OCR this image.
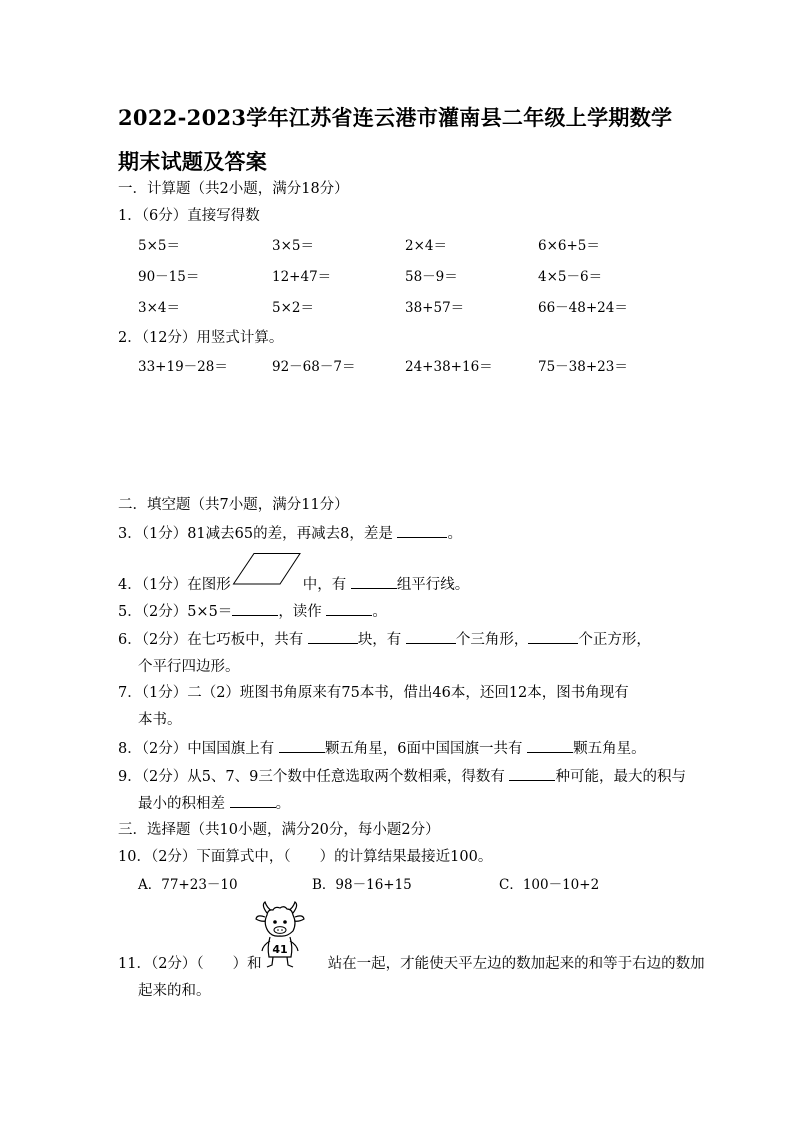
2022-2023学年江苏省连云港市灌南县二年级上学期数学期末试题及答案
一．计算题（共2小题，满分18分）
1．（6分）直接写得数
5×5＝	3×5＝	2×4＝	6×6+5＝
90－15＝	12+47＝	58－9＝	4×5－6＝
3×4＝	5×2＝	38+57＝	66－48+24＝
2．（12分）用竖式计算。
33+19－28＝	92－68－7＝	24+38+16＝	75－38+23＝
二．填空题（共7小题，满分11分）
3．（1分）81减去65的差，再减去8，差是	。
4．（1分）在图形	中，有	组平行线。
5．（2分）5×5＝	，读作	。
6．（2分）在七巧板中，共有	块，有	个三角形，	个正方形，
个平行四边形。
7．（1分）二（2）班图书角原来有75本书，借出46本，还回12本，图书角现有
本书。
8．（2分）中国国旗上有	颗五角星，6面中国国旗一共有	颗五角星。
9．（2分）从5、7、9三个数中任意选取两个数相乘，得数有	种可能，最大的积与
最小的积相差	。
三．选择题（共10小题，满分20分，每小题2分）
10．（2分）下面算式中，（　　）的计算结果最接近100。
A．77+23－10	B．98－16+15	C．100－10+2
41
11．（2分）（　　）和	站在一起，才能使天平左边的数加起来的和等于右边的数加
起来的和。
